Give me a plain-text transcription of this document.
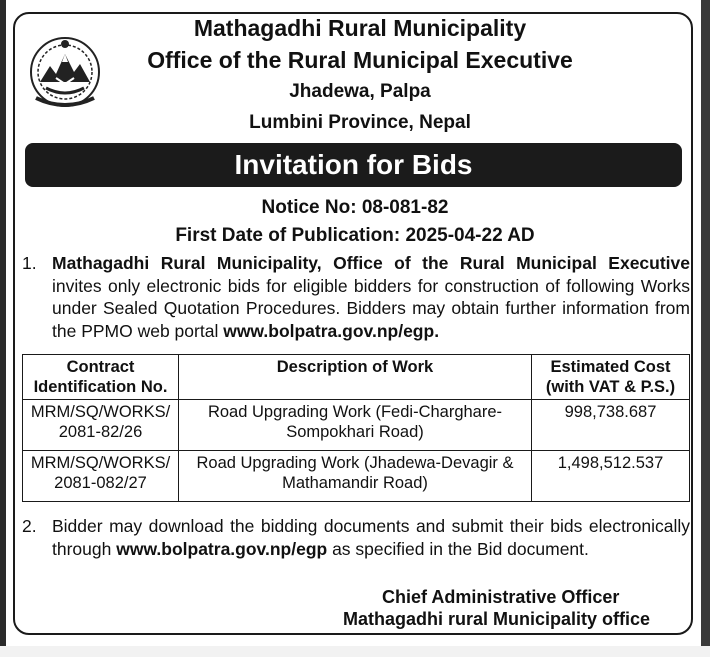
Mathagadhi Rural Municipality
Office of the Rural Municipal Executive
Jhadewa, Palpa
Lumbini Province, Nepal
Invitation for Bids
Notice No: 08-081-82
First Date of Publication: 2025-04-22 AD
1. Mathagadhi Rural Municipality, Office of the Rural Municipal Executive invites only electronic bids for eligible bidders for construction of following Works under Sealed Quotation Procedures. Bidders may obtain further information from the PPMO web portal www.bolpatra.gov.np/egp.
Contract Identification No.	Description of Work	Estimated Cost (with VAT & P.S.)
MRM/SQ/WORKS/ 2081-82/26	Road Upgrading Work (Fedi-Charghare-Sompokhari Road)	998,738.687
MRM/SQ/WORKS/ 2081-082/27	Road Upgrading Work (Jhadewa-Devagir & Mathamandir Road)	1,498,512.537
2. Bidder may download the bidding documents and submit their bids electronically through www.bolpatra.gov.np/egp as specified in the Bid document.
Chief Administrative Officer
Mathagadhi rural Municipality office
